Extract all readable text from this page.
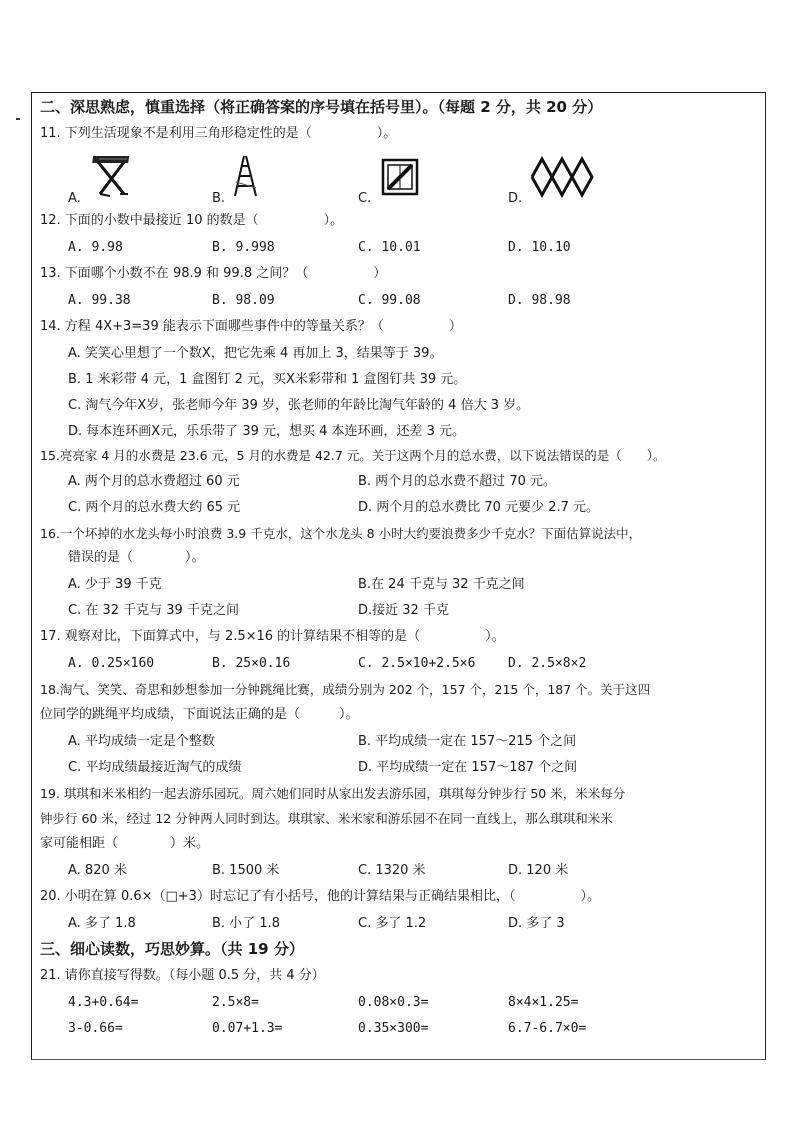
二、深思熟虑，慎重选择（将正确答案的序号填在括号里）。（每题 2 分，共 20 分）
11. 下列生活现象不是利用三角形稳定性的是（　　　　　）。
A.	B.	C.	D.
12. 下面的小数中最接近 10 的数是（　　　　　）。
A. 9.98	B. 9.998	C. 10.01	D. 10.10
13. 下面哪个小数不在 98.9 和 99.8 之间？（　　　　　）
A. 99.38	B. 98.09	C. 99.08	D. 98.98
14. 方程 4X+3=39 能表示下面哪些事件中的等量关系？（　　　　　）
A. 笑笑心里想了一个数X，把它先乘 4 再加上 3，结果等于 39。
B. 1 米彩带 4 元，1 盒图钉 2 元，买X米彩带和 1 盒图钉共 39 元。
C. 淘气今年X岁，张老师今年 39 岁，张老师的年龄比淘气年龄的 4 倍大 3 岁。
D. 每本连环画X元，乐乐带了 39 元，想买 4 本连环画，还差 3 元。
15.亮亮家 4 月的水费是 23.6 元，5 月的水费是 42.7 元。关于这两个月的总水费，以下说法错误的是（　　）。
A. 两个月的总水费超过 60 元	B. 两个月的总水费不超过 70 元。
C. 两个月的总水费大约 65 元	D. 两个月的总水费比 70 元要少 2.7 元。
16.一个坏掉的水龙头每小时浪费 3.9 千克水，这个水龙头 8 小时大约要浪费多少千克水？下面估算说法中，
错误的是（　　　　）。
A. 少于 39 千克	B.在 24 千克与 32 千克之间
C. 在 32 千克与 39 千克之间	D.接近 32 千克
17. 观察对比，下面算式中，与 2.5×16 的计算结果不相等的是（　　　　　）。
A. 0.25×160	B. 25×0.16	C. 2.5×10+2.5×6	D. 2.5×8×2
18.淘气、笑笑、奇思和妙想参加一分钟跳绳比赛，成绩分别为 202 个，157 个，215 个，187 个。关于这四
位同学的跳绳平均成绩，下面说法正确的是（　　　）。
A. 平均成绩一定是个整数	B. 平均成绩一定在 157～215 个之间
C. 平均成绩最接近淘气的成绩	D. 平均成绩一定在 157～187 个之间
19. 琪琪和米米相约一起去游乐园玩。周六她们同时从家出发去游乐园，琪琪每分钟步行 50 米，米米每分
钟步行 60 米，经过 12 分钟两人同时到达。琪琪家、米米家和游乐园不在同一直线上，那么琪琪和米米
家可能相距（　　　　）米。
A. 820 米	B. 1500 米	C. 1320 米	D. 120 米
20. 小明在算 0.6×（□+3）时忘记了有小括号，他的计算结果与正确结果相比，（　　　　　）。
A. 多了 1.8	B. 小了 1.8	C. 多了 1.2	D. 多了 3
三、细心读数，巧思妙算。（共 19 分）
21. 请你直接写得数。（每小题 0.5 分，共 4 分）
4.3+0.64=	2.5×8=	0.08×0.3=	8×4×1.25=
3-0.66=	0.07+1.3=	0.35×300=	6.7-6.7×0=
